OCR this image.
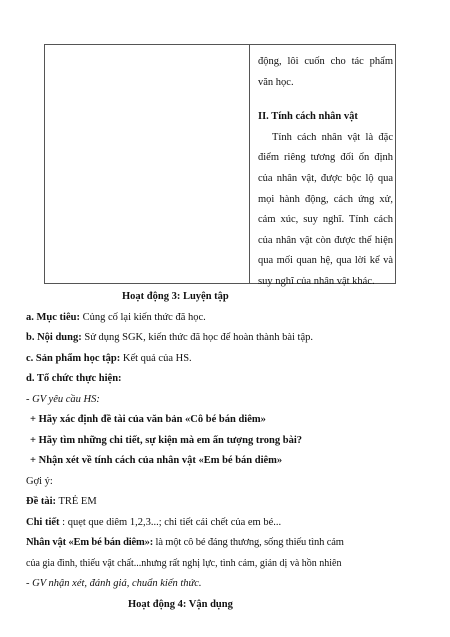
động, lôi cuốn cho tác phẩm văn học.

II. Tính cách nhân vật

Tính cách nhân vật là đặc điểm riêng tương đối ổn định của nhân vật, được bộc lộ qua mọi hành động, cách ứng xử, cảm xúc, suy nghĩ. Tính cách của nhân vật còn được thể hiện qua mối quan hệ, qua lời kể và suy nghĩ của nhân vật khác.

Hoạt động 3: Luyện tập

a. Mục tiêu: Củng cố lại kiến thức đã học.

b. Nội dung: Sử dụng SGK, kiến thức đã học để hoàn thành bài tập.

c. Sản phẩm học tập: Kết quả của HS.

d. Tổ chức thực hiện:

- GV yêu cầu HS:

+ Hãy xác định đề tài của văn bản «Cô bé bán diêm»

+ Hãy tìm những chi tiết, sự kiện mà em ấn tượng trong bài?

+ Nhận xét về tính cách của nhân vật «Em bé bán diêm»

Gợi ý:

Đề tài: TRẺ EM

Chi tiết : quẹt que diêm 1,2,3...; chi tiết cái chết của em bé...

Nhân vật «Em bé bán diêm»: là một cô bé đáng thương, sống thiếu tình cảm

của gia đình, thiếu vật chất...nhưng rất nghị lực, tình cảm, giản dị và hồn nhiên

- GV nhận xét, đánh giá, chuẩn kiến thức.

Hoạt động 4: Vận dụng
